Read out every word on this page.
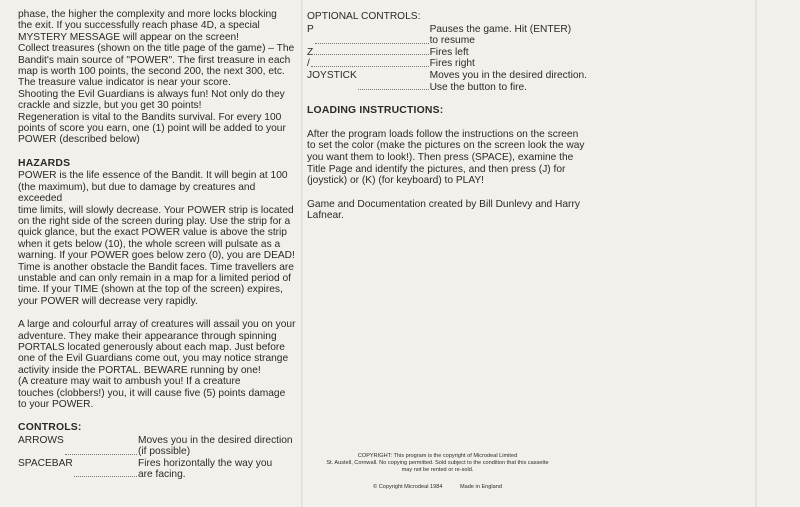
phase, the higher the complexity and more locks blocking

the exit. If you successfully reach phase 4D, a special

MYSTERY MESSAGE will appear on the screen!

Collect treasures (shown on the title page of the game) – The

Bandit's main source of "POWER". The first treasure in each

map is worth 100 points, the second 200, the next 300, etc.

The treasure value indicator is near your score.

Shooting the Evil Guardians is always fun! Not only do they

crackle and sizzle, but you get 30 points!

Regeneration is vital to the Bandits survival. For every 100

points of score you earn, one (1) point will be added to your

POWER (described below)

HAZARDS

POWER is the life essence of the Bandit. It will begin at 100

(the maximum), but due to damage by creatures and exceeded

time limits, will slowly decrease. Your POWER strip is located

on the right side of the screen during play. Use the strip for a

quick glance, but the exact POWER value is above the strip

when it gets below (10), the whole screen will pulsate as a

warning. If your POWER goes below zero (0), you are DEAD!

Time is another obstacle the Bandit faces. Time travellers are

unstable and can only remain in a map for a limited period of

time. If your TIME (shown at the top of the screen) expires,

your POWER will decrease very rapidly.

A large and colourful array of creatures will assail you on your

adventure. They make their appearance through spinning

PORTALS located generously about each map. Just before

one of the Evil Guardians come out, you may notice strange

activity inside the PORTAL. BEWARE running by one!

(A creature may wait to ambush you! If a creature

touches (clobbers!) you, it will cause five (5) points damage

to your POWER.

CONTROLS:
ARROWS	Moves you in the desired direction
(if possible)
SPACEBAR	Fires horizontally the way you
are facing.
OPTIONAL CONTROLS:
P	Pauses the game. Hit (ENTER)
to resume
Z	Fires left
/	Fires right
JOYSTICK	Moves you in the desired direction.
Use the button to fire.
LOADING INSTRUCTIONS:

After the program loads follow the instructions on the screen

to set the color (make the pictures on the screen look the way

you want them to look!). Then press (SPACE), examine the

Title Page and identify the pictures, and then press (J) for

(joystick) or (K) (for keyboard) to PLAY!

Game and Documentation created by Bill Dunlevy and Harry

Lafnear.

COPYRIGHT: This program is the copyright of Microdeal Limited
St. Austell, Cornwall. No copying permitted. Sold subject to the condition that this cassette
may not be rented or re-sold.
© Copyright Microdeal 1984	Made in England
